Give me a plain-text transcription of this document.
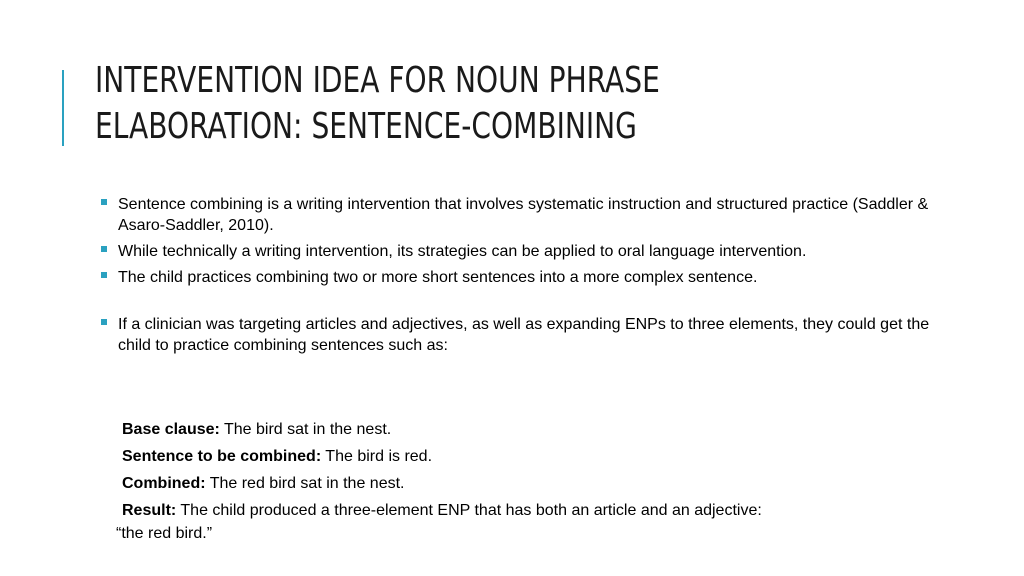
INTERVENTION IDEA FOR NOUN PHRASE
ELABORATION: SENTENCE-COMBINING
Sentence combining is a writing intervention that involves systematic instruction and structured practice (Saddler & Asaro-Saddler, 2010).
While technically a writing intervention, its strategies can be applied to oral language intervention.
The child practices combining two or more short sentences into a more complex sentence.
If a clinician was targeting articles and adjectives, as well as expanding ENPs to three elements, they could get the child to practice combining sentences such as:
Base clause: The bird sat in the nest.
Sentence to be combined: The bird is red.
Combined: The red bird sat in the nest.
Result: The child produced a three-element ENP that has both an article and an adjective:
“the red bird.”
